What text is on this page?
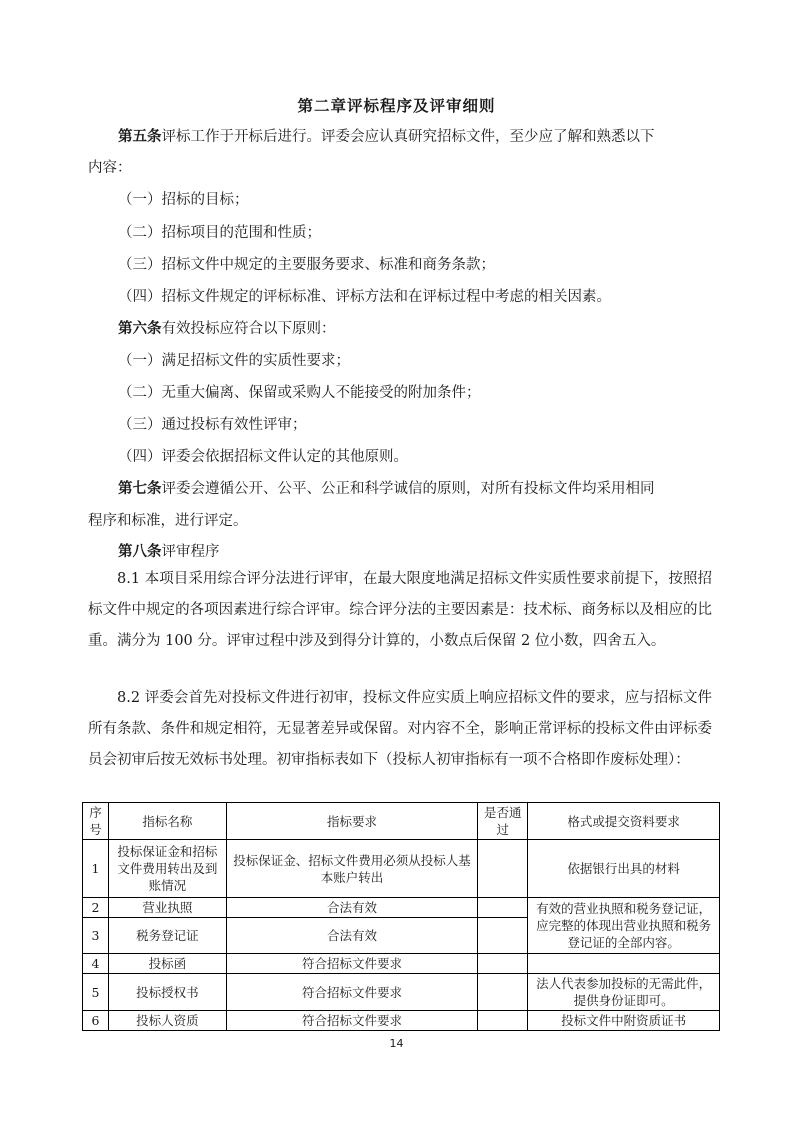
第二章评标程序及评审细则
第五条评标工作于开标后进行。评委会应认真研究招标文件，至少应了解和熟悉以下
内容：
（一）招标的目标；
（二）招标项目的范围和性质；
（三）招标文件中规定的主要服务要求、标准和商务条款；
（四）招标文件规定的评标标准、评标方法和在评标过程中考虑的相关因素。
第六条有效投标应符合以下原则：
（一）满足招标文件的实质性要求；
（二）无重大偏离、保留或采购人不能接受的附加条件；
（三）通过投标有效性评审；
（四）评委会依据招标文件认定的其他原则。
第七条评委会遵循公开、公平、公正和科学诚信的原则，对所有投标文件均采用相同
程序和标准，进行评定。
第八条评审程序
8.1 本项目采用综合评分法进行评审，在最大限度地满足招标文件实质性要求前提下，按照招标文件中规定的各项因素进行综合评审。综合评分法的主要因素是：技术标、商务标以及相应的比重。满分为 100 分。评审过程中涉及到得分计算的，小数点后保留 2 位小数，四舍五入。
8.2 评委会首先对投标文件进行初审，投标文件应实质上响应招标文件的要求，应与招标文件所有条款、条件和规定相符，无显著差异或保留。对内容不全，影响正常评标的投标文件由评标委员会初审后按无效标书处理。初审指标表如下（投标人初审指标有一项不合格即作废标处理）：
序号	指标名称	指标要求	是否通过	格式或提交资料要求
1	投标保证金和招标文件费用转出及到账情况	投标保证金、招标文件费用必须从投标人基本账户转出		依据银行出具的材料
2	营业执照	合法有效		有效的营业执照和税务登记证，应完整的体现出营业执照和税务登记证的全部内容。
3	税务登记证	合法有效		
4	投标函	符合招标文件要求		
5	投标授权书	符合招标文件要求		法人代表参加投标的无需此件，提供身份证即可。
6	投标人资质	符合招标文件要求		投标文件中附资质证书
14
